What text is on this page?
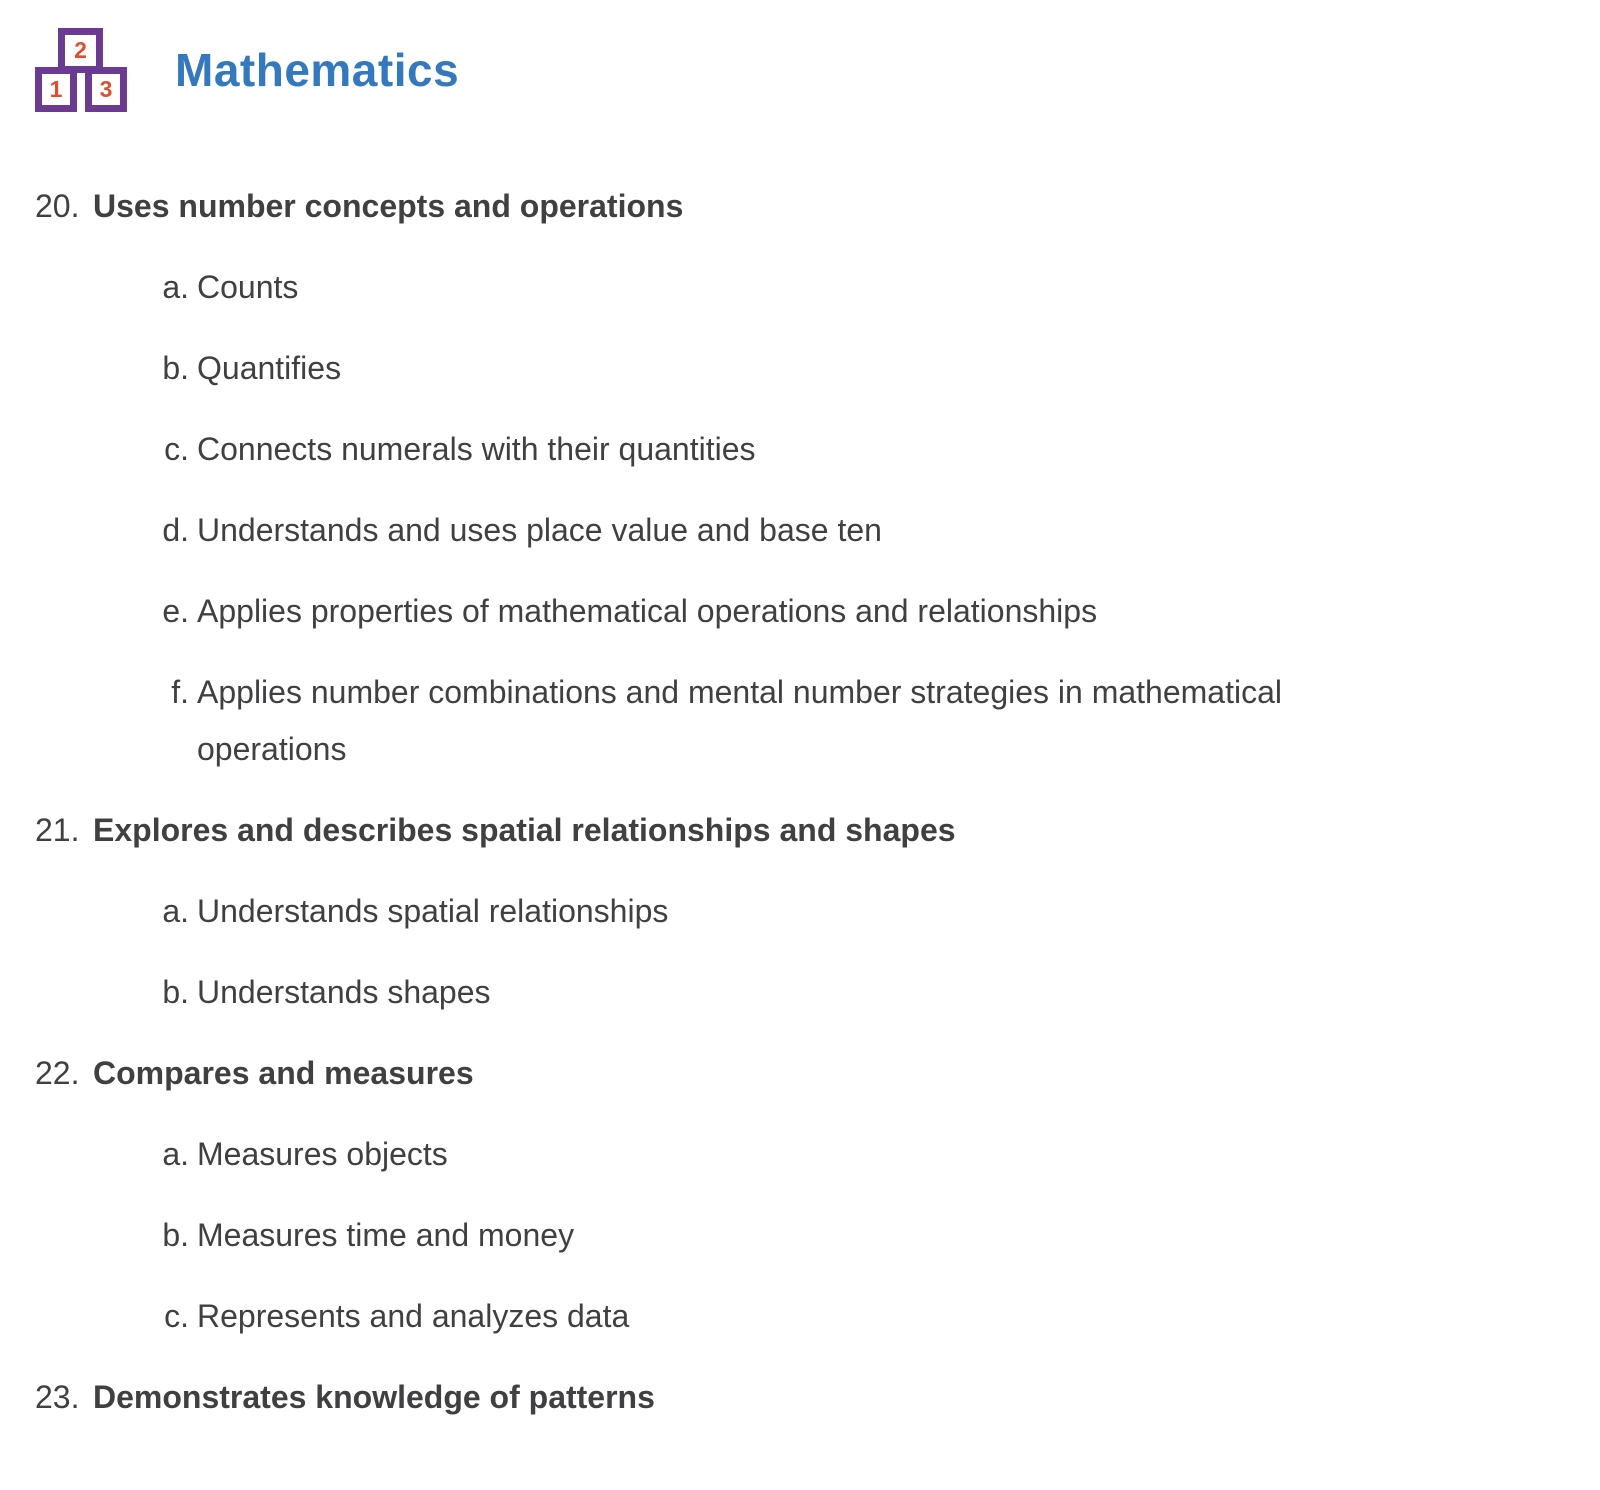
2
1 3 Mathematics
20. Uses number concepts and operations
a. Counts
b. Quantifies
c. Connects numerals with their quantities
d. Understands and uses place value and base ten
e. Applies properties of mathematical operations and relationships
f. Applies number combinations and mental number strategies in mathematical operations
21. Explores and describes spatial relationships and shapes
a. Understands spatial relationships
b. Understands shapes
22. Compares and measures
a. Measures objects
b. Measures time and money
c. Represents and analyzes data
23. Demonstrates knowledge of patterns
